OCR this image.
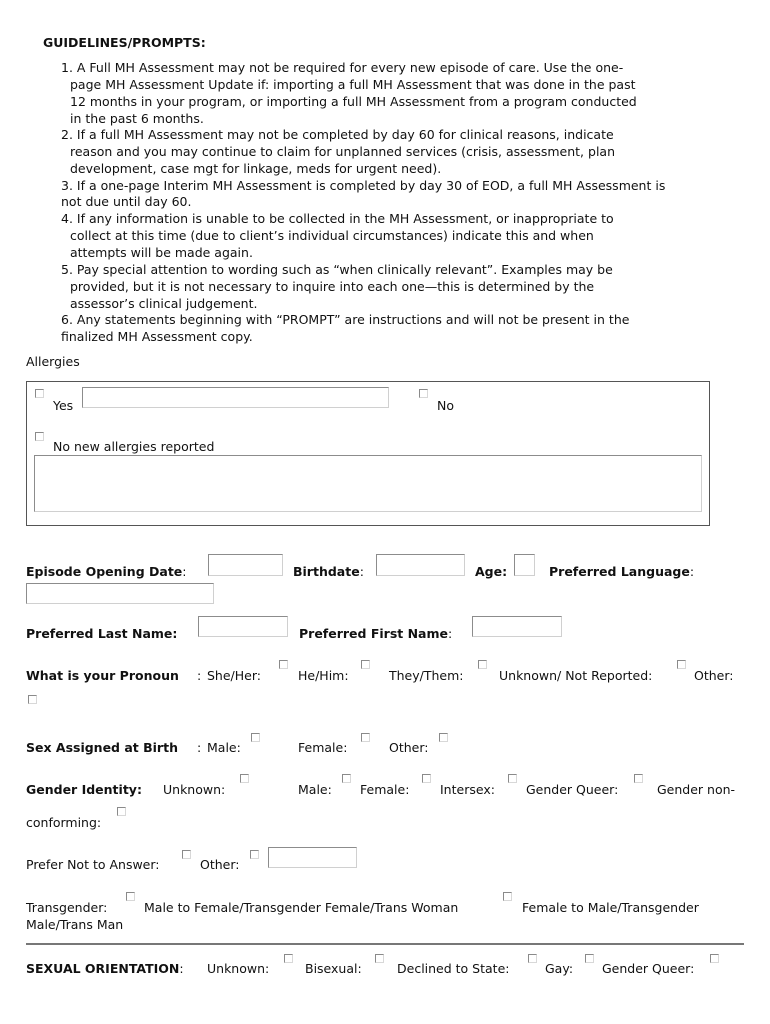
GUIDELINES/PROMPTS:
1. A Full MH Assessment may not be required for every new episode of care. Use the one-
page MH Assessment Update if: importing a full MH Assessment that was done in the past
12 months in your program, or importing a full MH Assessment from a program conducted
in the past 6 months.
2. If a full MH Assessment may not be completed by day 60 for clinical reasons, indicate
reason and you may continue to claim for unplanned services (crisis, assessment, plan
development, case mgt for linkage, meds for urgent need).
3. If a one-page Interim MH Assessment is completed by day 30 of EOD, a full MH Assessment is
not due until day 60.
4. If any information is unable to be collected in the MH Assessment, or inappropriate to
collect at this time (due to client’s individual circumstances) indicate this and when
attempts will be made again.
5. Pay special attention to wording such as “when clinically relevant”. Examples may be
provided, but it is not necessary to inquire into each one—this is determined by the
assessor’s clinical judgement.
6. Any statements beginning with “PROMPT” are instructions and will not be present in the
finalized MH Assessment copy.
Allergies
Yes	No
No new allergies reported
Episode Opening Date:	Birthdate:	Age:	Preferred Language:
Preferred Last Name:	Preferred First Name:
What is your Pronoun : She/Her:	He/Him:	They/Them:	Unknown/ Not Reported:	Other:
Sex Assigned at Birth : Male:	Female:	Other:
Gender Identity: Unknown:	Male: Female: Intersex: Gender Queer:	Gender non-
conforming:
Prefer Not to Answer:	Other:
Transgender:	Male to Female/Transgender Female/Trans Woman	Female to Male/Transgender
Male/Trans Man
SEXUAL ORIENTATION: Unknown:	Bisexual:	Declined to State:	Gay: Gender Queer:
